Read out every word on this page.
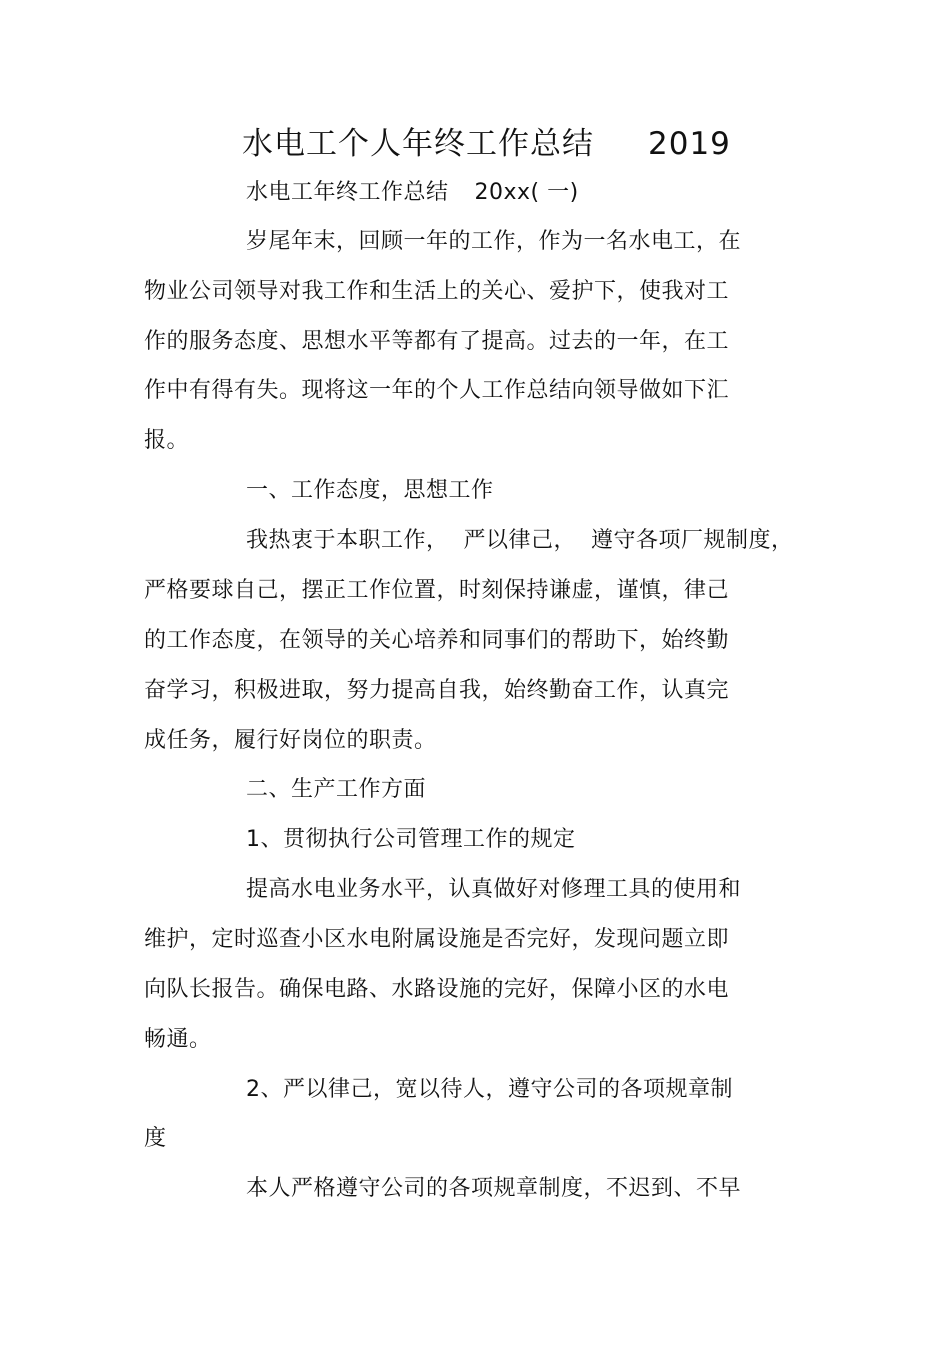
水电工个人年终工作总结 2019
水电工年终工作总结 20xx( 一)
岁尾年末，回顾一年的工作，作为一名水电工，在
物业公司领导对我工作和生活上的关心、爱护下，使我对工
作的服务态度、思想水平等都有了提高。过去的一年，在工
作中有得有失。现将这一年的个人工作总结向领导做如下汇
报。
一、工作态度，思想工作
我热衷于本职工作，  严以律己，  遵守各项厂规制度，
严格要球自己，摆正工作位置，时刻保持谦虚，谨慎，律己
的工作态度，在领导的关心培养和同事们的帮助下，始终勤
奋学习，积极进取，努力提高自我，始终勤奋工作，认真完
成任务，履行好岗位的职责。
二、生产工作方面
1、贯彻执行公司管理工作的规定
提高水电业务水平，认真做好对修理工具的使用和
维护，定时巡查小区水电附属设施是否完好，发现问题立即
向队长报告。确保电路、水路设施的完好，保障小区的水电
畅通。
2、严以律己，宽以待人，遵守公司的各项规章制
度
本人严格遵守公司的各项规章制度，不迟到、不早
